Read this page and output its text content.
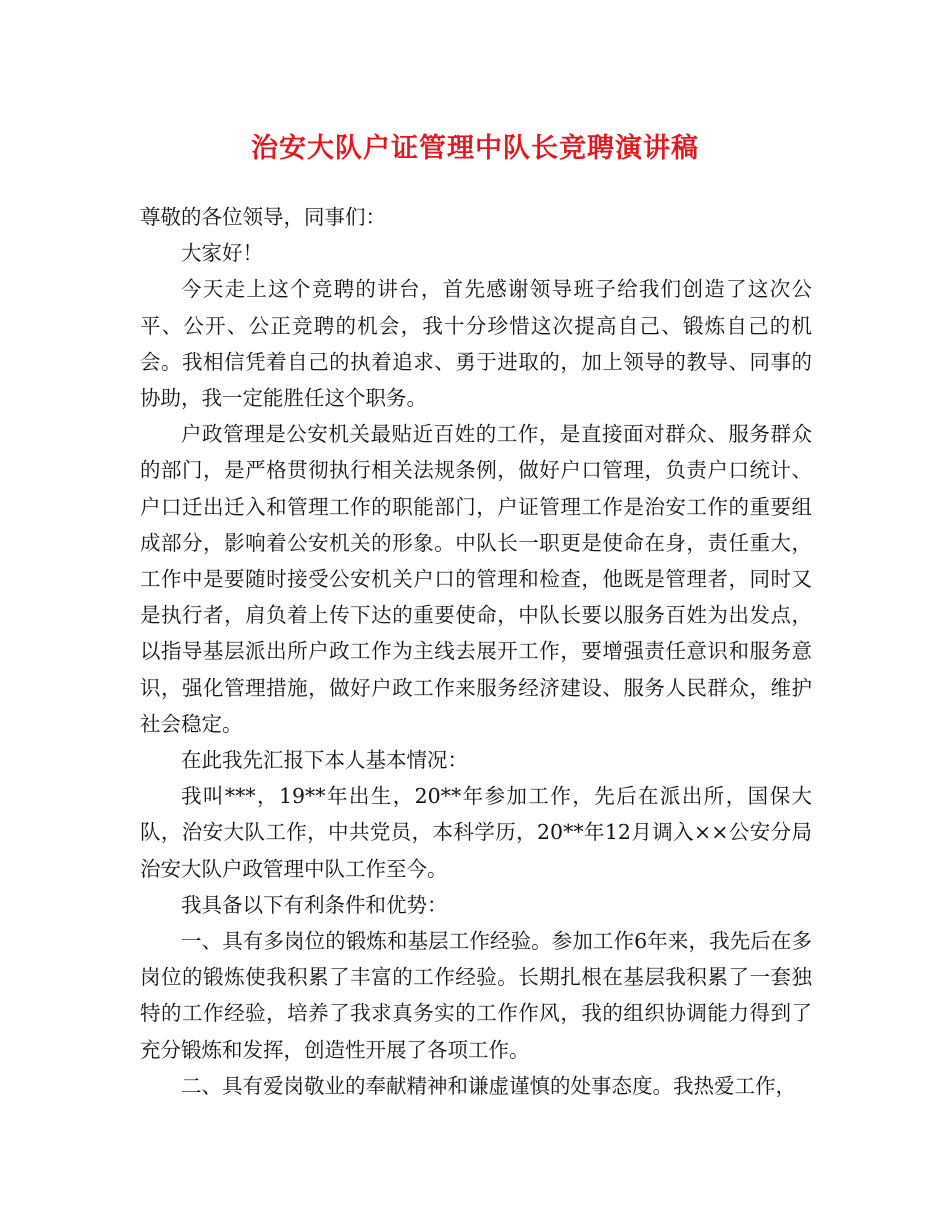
治安大队户证管理中队长竞聘演讲稿

尊敬的各位领导，同事们：

大家好！

今天走上这个竞聘的讲台，首先感谢领导班子给我们创造了这次公平、公开、公正竞聘的机会，我十分珍惜这次提高自己、锻炼自己的机会。我相信凭着自己的执着追求、勇于进取的，加上领导的教导、同事的协助，我一定能胜任这个职务。

户政管理是公安机关最贴近百姓的工作，是直接面对群众、服务群众的部门，是严格贯彻执行相关法规条例，做好户口管理，负责户口统计、户口迁出迁入和管理工作的职能部门，户证管理工作是治安工作的重要组成部分，影响着公安机关的形象。中队长一职更是使命在身，责任重大，工作中是要随时接受公安机关户口的管理和检查，他既是管理者，同时又是执行者，肩负着上传下达的重要使命，中队长要以服务百姓为出发点，以指导基层派出所户政工作为主线去展开工作，要增强责任意识和服务意识，强化管理措施，做好户政工作来服务经济建设、服务人民群众，维护社会稳定。

在此我先汇报下本人基本情况：

我叫***，19**年出生，20**年参加工作，先后在派出所，国保大队，治安大队工作，中共党员，本科学历，20**年12月调入××公安分局治安大队户政管理中队工作至今。

我具备以下有利条件和优势：

一、具有多岗位的锻炼和基层工作经验。参加工作6年来，我先后在多岗位的锻炼使我积累了丰富的工作经验。长期扎根在基层我积累了一套独特的工作经验，培养了我求真务实的工作作风，我的组织协调能力得到了充分锻炼和发挥，创造性开展了各项工作。

二、具有爱岗敬业的奉献精神和谦虚谨慎的处事态度。我热爱工作，
